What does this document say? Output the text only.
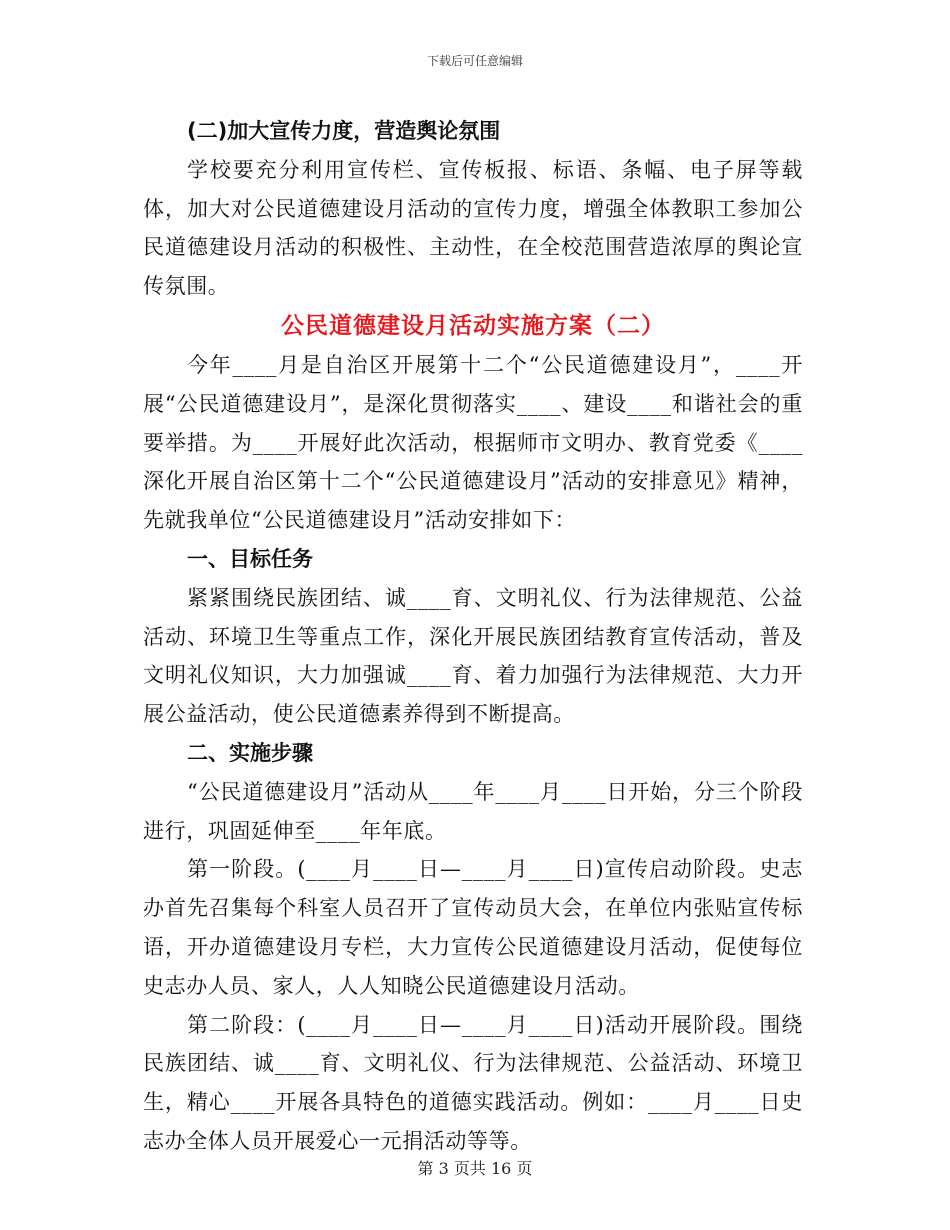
下载后可任意编辑

(二)加大宣传力度，营造舆论氛围

学校要充分利用宣传栏、宣传板报、标语、条幅、电子屏等载体，加大对公民道德建设月活动的宣传力度，增强全体教职工参加公民道德建设月活动的积极性、主动性，在全校范围营造浓厚的舆论宣传氛围。

公民道德建设月活动实施方案（二）

今年____月是自治区开展第十二个“公民道德建设月”，____开展“公民道德建设月”，是深化贯彻落实____、建设____和谐社会的重要举措。为____开展好此次活动，根据师市文明办、教育党委《____深化开展自治区第十二个“公民道德建设月”活动的安排意见》精神，先就我单位“公民道德建设月”活动安排如下：

一、目标任务

紧紧围绕民族团结、诚____育、文明礼仪、行为法律规范、公益活动、环境卫生等重点工作，深化开展民族团结教育宣传活动，普及文明礼仪知识，大力加强诚____育、着力加强行为法律规范、大力开展公益活动，使公民道德素养得到不断提高。

二、实施步骤

“公民道德建设月”活动从____年____月____日开始，分三个阶段进行，巩固延伸至____年年底。

第一阶段。(____月____日—____月____日)宣传启动阶段。史志办首先召集每个科室人员召开了宣传动员大会，在单位内张贴宣传标语，开办道德建设月专栏，大力宣传公民道德建设月活动，促使每位史志办人员、家人，人人知晓公民道德建设月活动。

第二阶段：(____月____日—____月____日)活动开展阶段。围绕民族团结、诚____育、文明礼仪、行为法律规范、公益活动、环境卫生，精心____开展各具特色的道德实践活动。例如：____月____日史志办全体人员开展爱心一元捐活动等等。

第 3 页共 16 页
